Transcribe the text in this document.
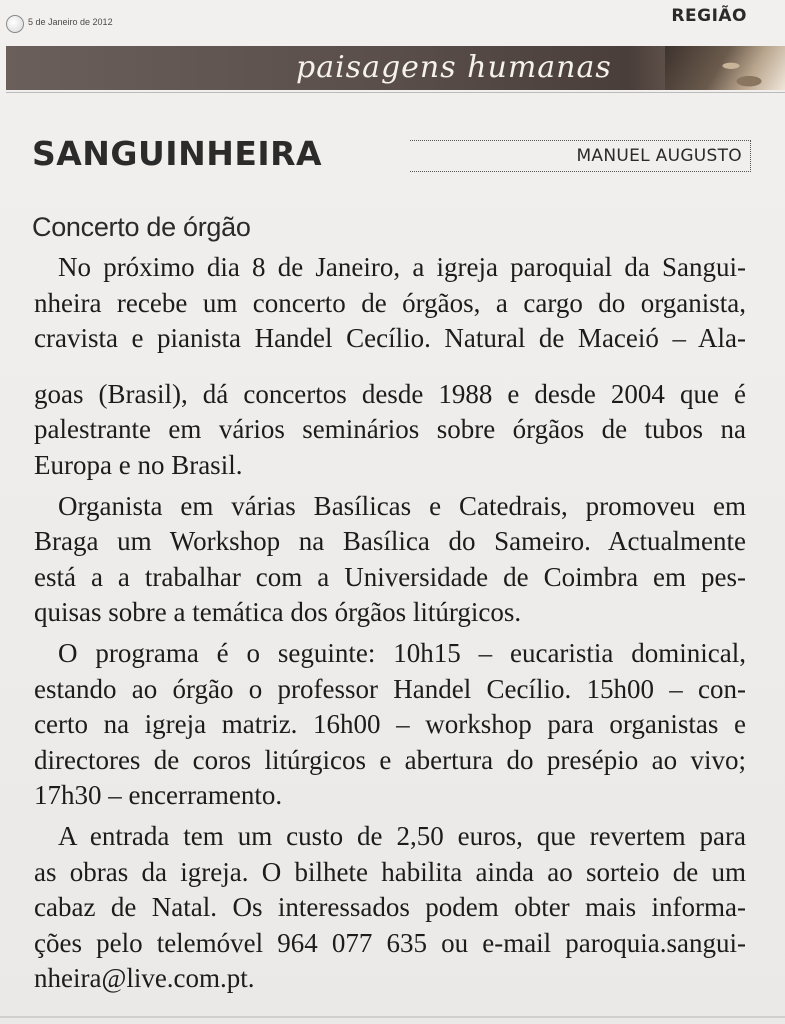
5 de Janeiro de 2012	REGIÃO
paisagens humanas
SANGUINHEIRA	MANUEL AUGUSTO
Concerto de órgão
No próximo dia 8 de Janeiro, a igreja paroquial da Sangui-
nheira recebe um concerto de órgãos, a cargo do organista,
cravista e pianista Handel Cecílio. Natural de Maceió – Ala-
goas (Brasil), dá concertos desde 1988 e desde 2004 que é
palestrante em vários seminários sobre órgãos de tubos na
Europa e no Brasil.
Organista em várias Basílicas e Catedrais, promoveu em
Braga um Workshop na Basílica do Sameiro. Actualmente
está a a trabalhar com a Universidade de Coimbra em pes-
quisas sobre a temática dos órgãos litúrgicos.
O programa é o seguinte: 10h15 – eucaristia dominical,
estando ao órgão o professor Handel Cecílio. 15h00 – con-
certo na igreja matriz. 16h00 – workshop para organistas e
directores de coros litúrgicos e abertura do presépio ao vivo;
17h30 – encerramento.
A entrada tem um custo de 2,50 euros, que revertem para
as obras da igreja. O bilhete habilita ainda ao sorteio de um
cabaz de Natal. Os interessados podem obter mais informa-
ções pelo telemóvel 964 077 635 ou e-mail paroquia.sangui-
nheira@live.com.pt.
